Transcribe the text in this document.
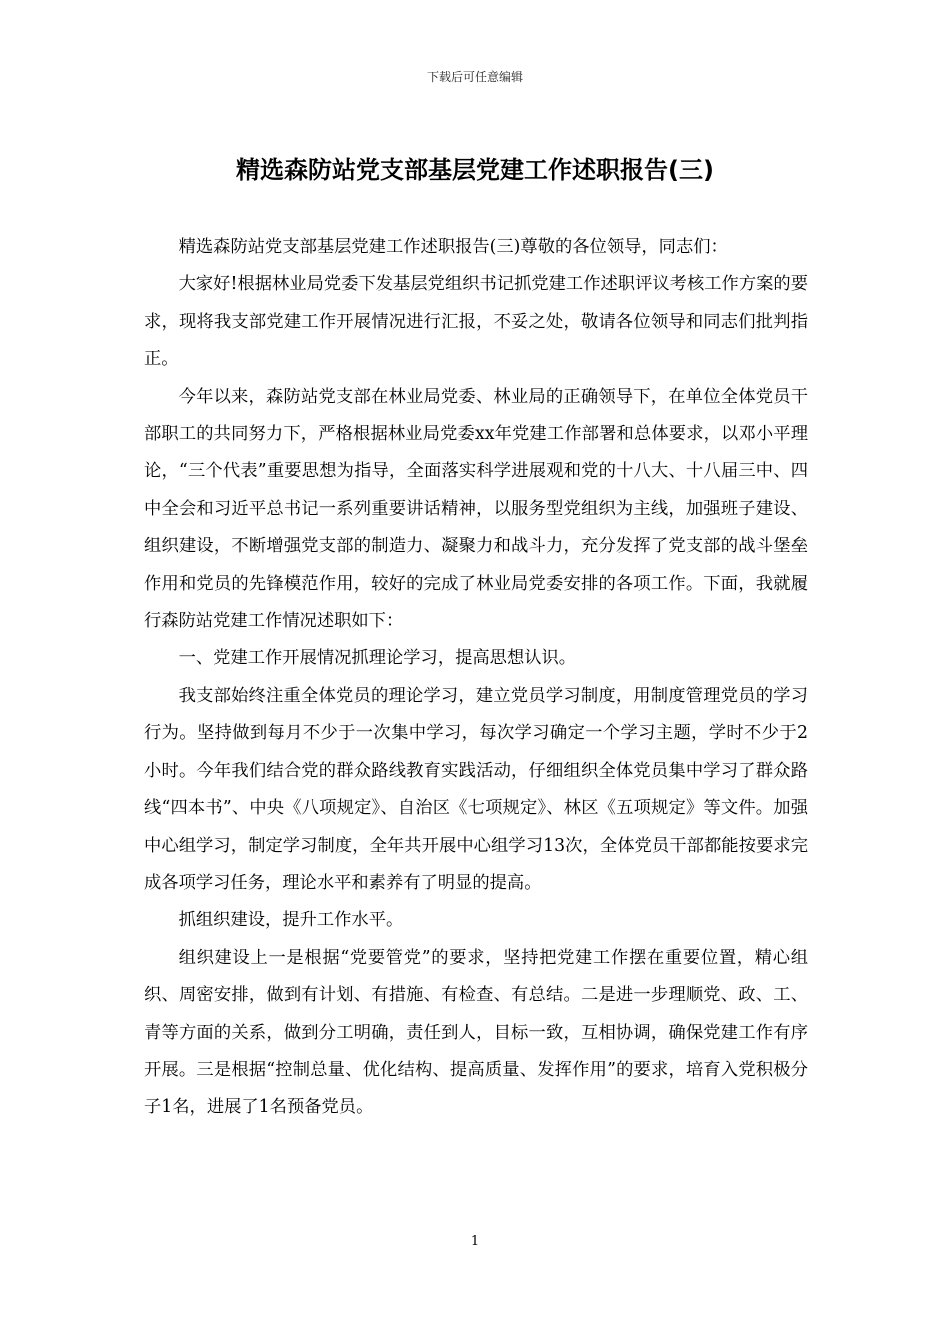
下载后可任意编辑
精选森防站党支部基层党建工作述职报告(三)

精选森防站党支部基层党建工作述职报告(三)尊敬的各位领导，同志们：

大家好!根据林业局党委下发基层党组织书记抓党建工作述职评议考核工作方案的要求，现将我支部党建工作开展情况进行汇报，不妥之处，敬请各位领导和同志们批判指正。

今年以来，森防站党支部在林业局党委、林业局的正确领导下，在单位全体党员干部职工的共同努力下，严格根据林业局党委xx年党建工作部署和总体要求，以邓小平理论，“三个代表”重要思想为指导，全面落实科学进展观和党的十八大、十八届三中、四中全会和习近平总书记一系列重要讲话精神，以服务型党组织为主线，加强班子建设、组织建设，不断增强党支部的制造力、凝聚力和战斗力，充分发挥了党支部的战斗堡垒作用和党员的先锋模范作用，较好的完成了林业局党委安排的各项工作。下面，我就履行森防站党建工作情况述职如下：

一、党建工作开展情况抓理论学习，提高思想认识。

我支部始终注重全体党员的理论学习，建立党员学习制度，用制度管理党员的学习行为。坚持做到每月不少于一次集中学习，每次学习确定一个学习主题，学时不少于2小时。今年我们结合党的群众路线教育实践活动，仔细组织全体党员集中学习了群众路线“四本书”、中央《八项规定》、自治区《七项规定》、林区《五项规定》等文件。加强中心组学习，制定学习制度，全年共开展中心组学习13次，全体党员干部都能按要求完成各项学习任务，理论水平和素养有了明显的提高。

抓组织建设，提升工作水平。

组织建设上一是根据“党要管党”的要求，坚持把党建工作摆在重要位置，精心组织、周密安排，做到有计划、有措施、有检查、有总结。二是进一步理顺党、政、工、青等方面的关系，做到分工明确，责任到人，目标一致，互相协调，确保党建工作有序开展。三是根据“控制总量、优化结构、提高质量、发挥作用”的要求，培育入党积极分子1名，进展了1名预备党员。

1
